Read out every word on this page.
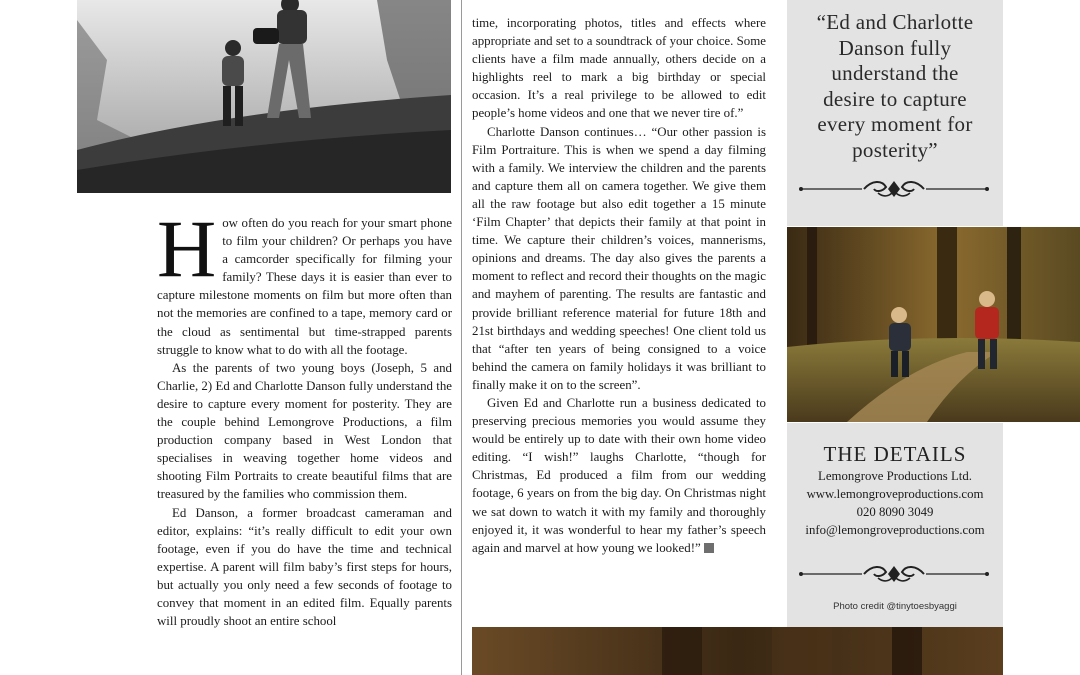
H ow often do you reach for your smart phone to film your children? Or perhaps you have a camcorder specifically for filming your family? These days it is easier than ever to capture milestone moments on film but more often than not the memories are confined to a tape, memory card or the cloud as sentimental but time-strapped parents struggle to know what to do with all the footage.

As the parents of two young boys (Joseph, 5 and Charlie, 2) Ed and Charlotte Danson fully understand the desire to capture every moment for posterity. They are the couple behind Lemongrove Productions, a film production company based in West London that specialises in weaving together home videos and shooting Film Portraits to create beautiful films that are treasured by the families who commission them.

Ed Danson, a former broadcast cameraman and editor, explains: “it’s really difficult to edit your own footage, even if you do have the time and technical expertise. A parent will film baby’s first steps for hours, but actually you only need a few seconds of footage to convey that moment in an edited film. Equally parents will proudly shoot an entire school

time, incorporating photos, titles and effects where appropriate and set to a soundtrack of your choice. Some clients have a film made annually, others decide on a highlights reel to mark a big birthday or special occasion. It’s a real privilege to be allowed to edit people’s home videos and one that we never tire of.”

Charlotte Danson continues… “Our other passion is Film Portraiture. This is when we spend a day filming with a family. We interview the children and the parents and capture them all on camera together. We give them all the raw footage but also edit together a 15 minute ‘Film Chapter’ that depicts their family at that point in time. We capture their children’s voices, mannerisms, opinions and dreams. The day also gives the parents a moment to reflect and record their thoughts on the magic and mayhem of parenting. The results are fantastic and provide brilliant reference material for future 18th and 21st birthdays and wedding speeches! One client told us that “after ten years of being consigned to a voice behind the camera on family holidays it was brilliant to finally make it on to the screen”.

Given Ed and Charlotte run a business dedicated to preserving precious memories you would assume they would be entirely up to date with their own home video editing. “I wish!” laughs Charlotte, “though for Christmas, Ed produced a film from our wedding footage, 6 years on from the big day. On Christmas night we sat down to watch it with my family and thoroughly enjoyed it, it was wonderful to hear my father’s speech again and marvel at how young we looked!”

“Ed and Charlotte
Danson fully
understand the
desire to capture
every moment for
posterity”
THE DETAILS
Lemongrove Productions Ltd.
www.lemongroveproductions.com
020 8090 3049
info@lemongroveproductions.com
Photo credit @tinytoesbyaggi
